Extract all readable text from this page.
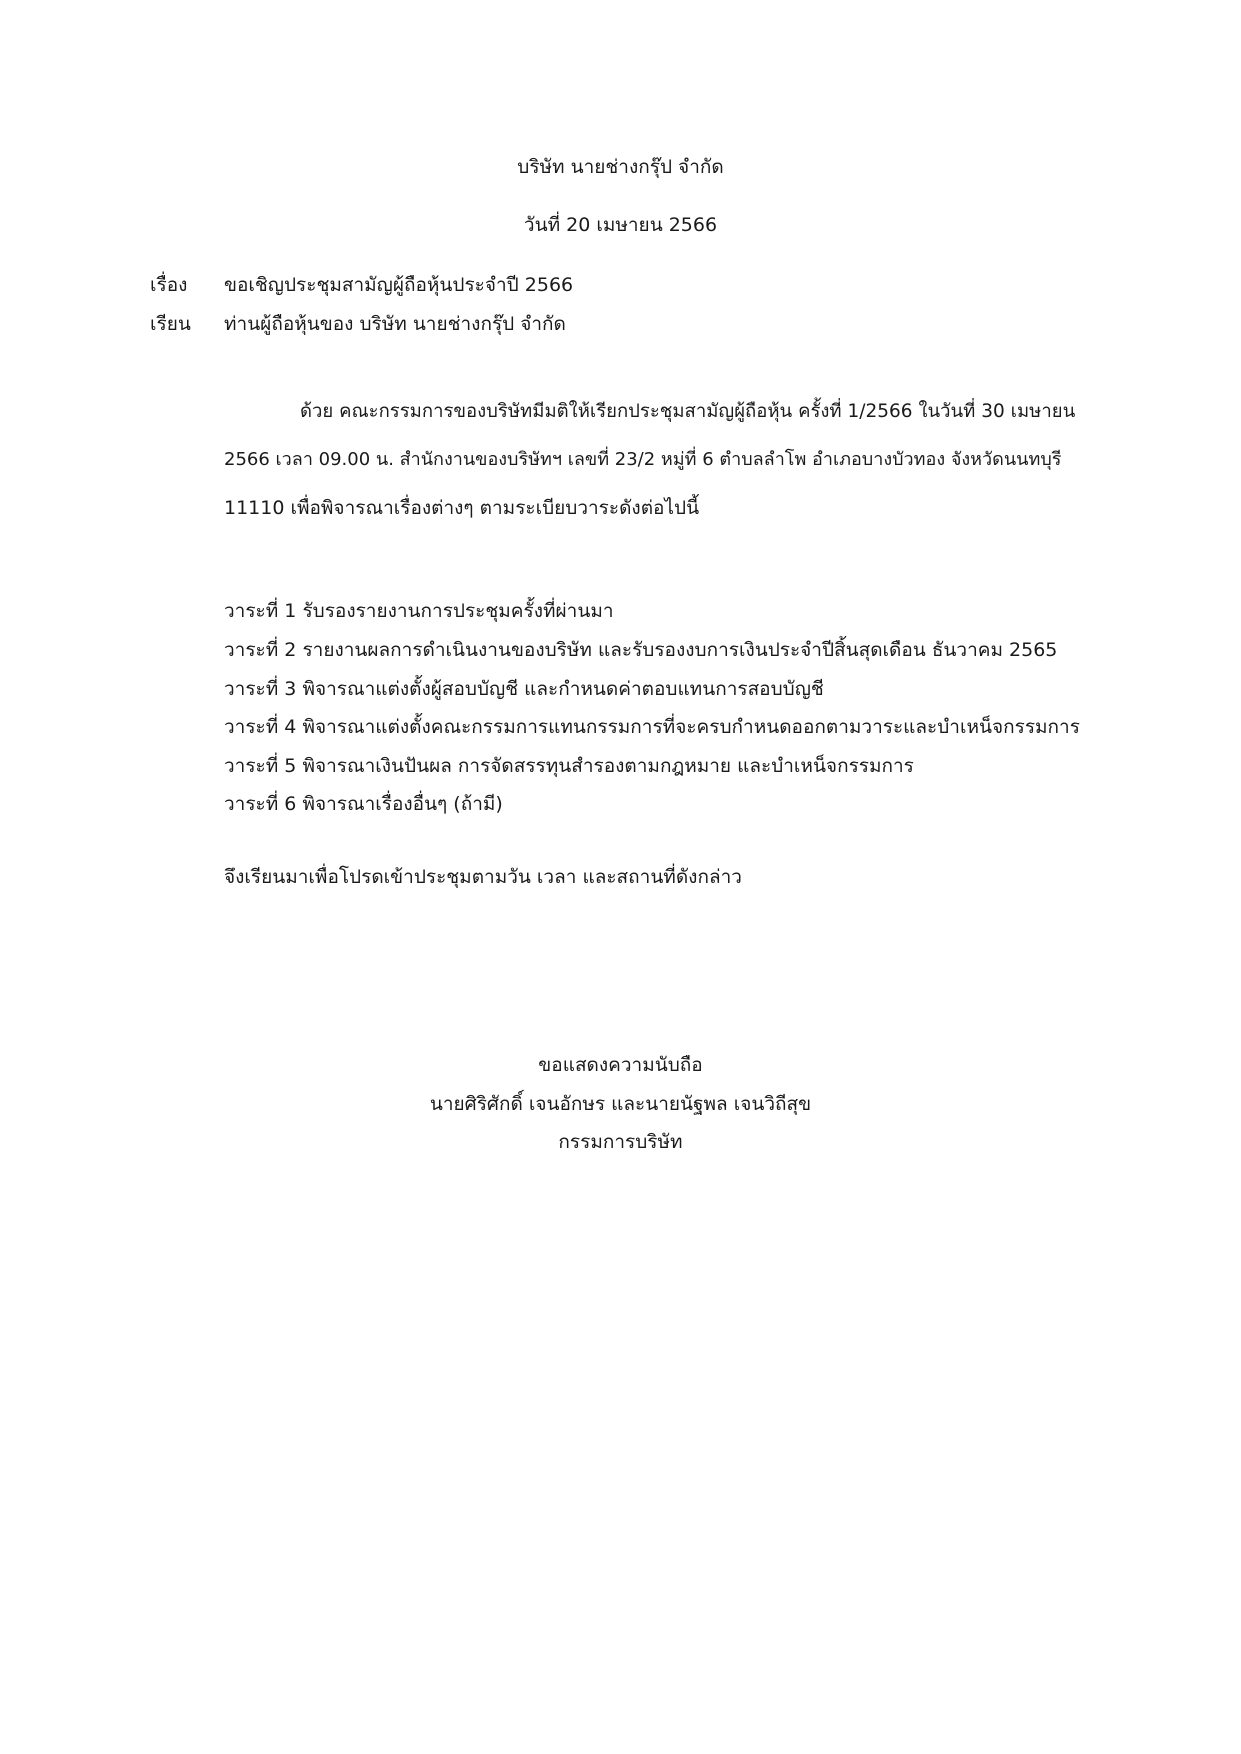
บริษัท นายช่างกรุ๊ป จำกัด
วันที่ 20 เมษายน 2566
เรื่อง ขอเชิญประชุมสามัญผู้ถือหุ้นประจำปี 2566
เรียน ท่านผู้ถือหุ้นของ บริษัท นายช่างกรุ๊ป จำกัด
ด้วย คณะกรรมการของบริษัทมีมติให้เรียกประชุมสามัญผู้ถือหุ้น ครั้งที่ 1/2566 ในวันที่ 30 เมษายน
2566 เวลา 09.00 น. สำนักงานของบริษัทฯ เลขที่ 23/2 หมู่ที่ 6 ตำบลลำโพ อำเภอบางบัวทอง จังหวัดนนทบุรี
11110 เพื่อพิจารณาเรื่องต่างๆ ตามระเบียบวาระดังต่อไปนี้
วาระที่ 1 รับรองรายงานการประชุมครั้งที่ผ่านมา
วาระที่ 2 รายงานผลการดำเนินงานของบริษัท และรับรองงบการเงินประจำปีสิ้นสุดเดือน ธันวาคม 2565
วาระที่ 3 พิจารณาแต่งตั้งผู้สอบบัญชี และกำหนดค่าตอบแทนการสอบบัญชี
วาระที่ 4 พิจารณาแต่งตั้งคณะกรรมการแทนกรรมการที่จะครบกำหนดออกตามวาระและบำเหน็จกรรมการ
วาระที่ 5 พิจารณาเงินปันผล การจัดสรรทุนสำรองตามกฎหมาย และบำเหน็จกรรมการ
วาระที่ 6 พิจารณาเรื่องอื่นๆ (ถ้ามี)
จึงเรียนมาเพื่อโปรดเข้าประชุมตามวัน เวลา และสถานที่ดังกล่าว
ขอแสดงความนับถือ
นายศิริศักดิ์ เจนอักษร และนายนัฐพล เจนวิถีสุข
กรรมการบริษัท
